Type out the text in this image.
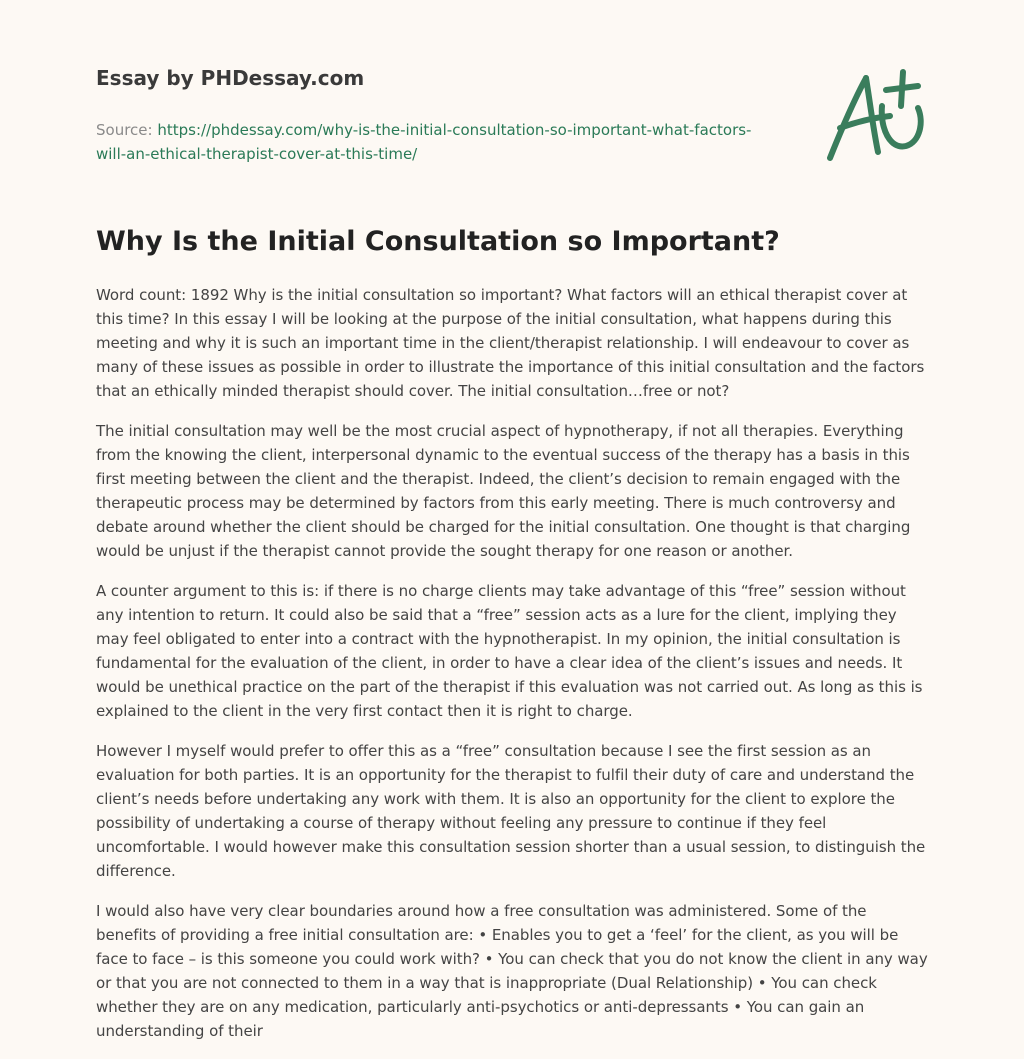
Essay by PHDessay.com

Source: https://phdessay.com/why-is-the-initial-consultation-so-important-what-factors-
will-an-ethical-therapist-cover-at-this-time/

Why Is the Initial Consultation so Important?

Word count: 1892 Why is the initial consultation so important? What factors will an ethical therapist cover at this time? In this essay I will be looking at the purpose of the initial consultation, what happens during this meeting and why it is such an important time in the client/therapist relationship. I will endeavour to cover as many of these issues as possible in order to illustrate the importance of this initial consultation and the factors that an ethically minded therapist should cover. The initial consultation…free or not?

The initial consultation may well be the most crucial aspect of hypnotherapy, if not all therapies. Everything from the knowing the client, interpersonal dynamic to the eventual success of the therapy has a basis in this first meeting between the client and the therapist. Indeed, the client’s decision to remain engaged with the therapeutic process may be determined by factors from this early meeting. There is much controversy and debate around whether the client should be charged for the initial consultation. One thought is that charging would be unjust if the therapist cannot provide the sought therapy for one reason or another.

A counter argument to this is: if there is no charge clients may take advantage of this “free” session without any intention to return. It could also be said that a “free” session acts as a lure for the client, implying they may feel obligated to enter into a contract with the hypnotherapist. In my opinion, the initial consultation is fundamental for the evaluation of the client, in order to have a clear idea of the client’s issues and needs. It would be unethical practice on the part of the therapist if this evaluation was not carried out. As long as this is explained to the client in the very first contact then it is right to charge.

However I myself would prefer to offer this as a “free” consultation because I see the first session as an evaluation for both parties. It is an opportunity for the therapist to fulfil their duty of care and understand the client’s needs before undertaking any work with them. It is also an opportunity for the client to explore the possibility of undertaking a course of therapy without feeling any pressure to continue if they feel uncomfortable. I would however make this consultation session shorter than a usual session, to distinguish the difference.

I would also have very clear boundaries around how a free consultation was administered. Some of the benefits of providing a free initial consultation are: • Enables you to get a ‘feel’ for the client, as you will be face to face – is this someone you could work with? • You can check that you do not know the client in any way or that you are not connected to them in a way that is inappropriate (Dual Relationship) • You can check whether they are on any medication, particularly anti-psychotics or anti-depressants • You can gain an understanding of their
